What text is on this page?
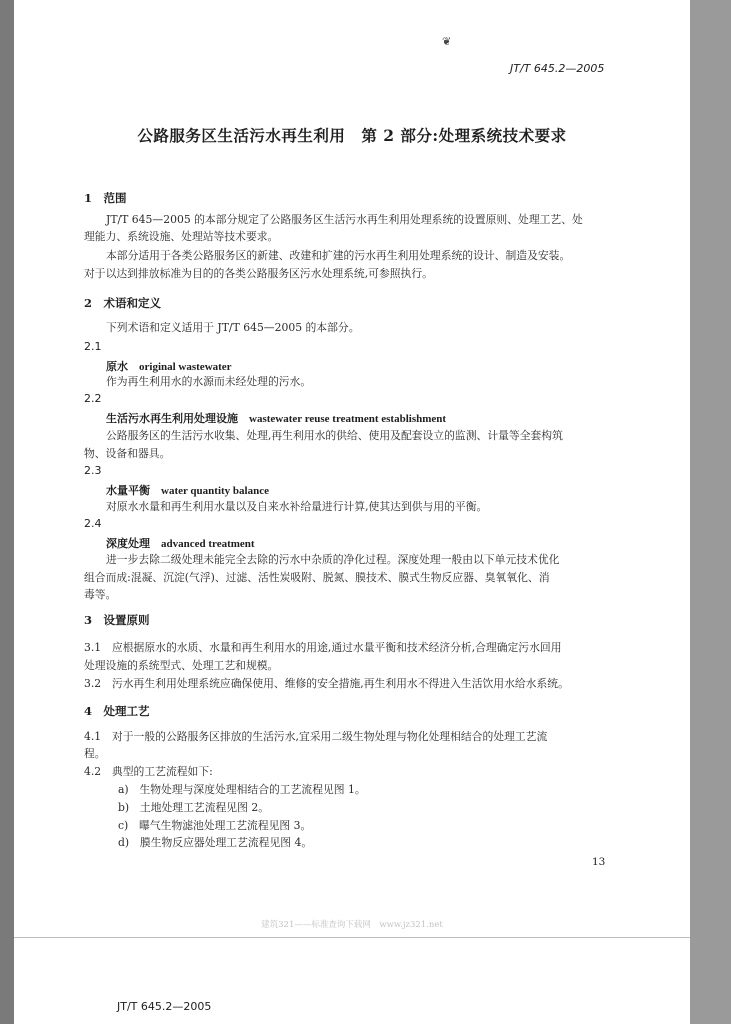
❦
JT/T 645.2—2005
公路服务区生活污水再生利用　第 2 部分:处理系统技术要求
1　范围
JT/T 645—2005 的本部分规定了公路服务区生活污水再生利用处理系统的设置原则、处理工艺、处
理能力、系统设施、处理站等技术要求。
本部分适用于各类公路服务区的新建、改建和扩建的污水再生利用处理系统的设计、制造及安装。
对于以达到排放标准为目的的各类公路服务区污水处理系统,可参照执行。
2　术语和定义
下列术语和定义适用于 JT/T 645—2005 的本部分。
2.1
原水　 original wastewater
作为再生利用水的水源而未经处理的污水。
2.2
生活污水再生利用处理设施　 wastewater reuse treatment establishment
公路服务区的生活污水收集、处理,再生利用水的供给、使用及配套设立的监测、计量等全套构筑
物、设备和器具。
2.3
水量平衡　 water quantity balance
对原水水量和再生利用水量以及自来水补给量进行计算,使其达到供与用的平衡。
2.4
深度处理　 advanced treatment
进一步去除二级处理未能完全去除的污水中杂质的净化过程。深度处理一般由以下单元技术优化
组合而成:混凝、沉淀(气浮)、过滤、活性炭吸附、脱氮、膜技术、膜式生物反应器、臭氧氧化、消
毒等。
3　设置原则
3.1　应根据原水的水质、水量和再生利用水的用途,通过水量平衡和技术经济分析,合理确定污水回用
处理设施的系统型式、处理工艺和规模。
3.2　污水再生利用处理系统应确保使用、维修的安全措施,再生利用水不得进入生活饮用水给水系统。
4　处理工艺
4.1　对于一般的公路服务区排放的生活污水,宜采用二级生物处理与物化处理相结合的处理工艺流
程。
4.2　典型的工艺流程如下:
a)　生物处理与深度处理相结合的工艺流程见图 1。
b)　土地处理工艺流程见图 2。
c)　曝气生物滤池处理工艺流程见图 3。
d)　膜生物反应器处理工艺流程见图 4。
13
建筑321——标准查询下载网　www.jz321.net
JT/T 645.2—2005
